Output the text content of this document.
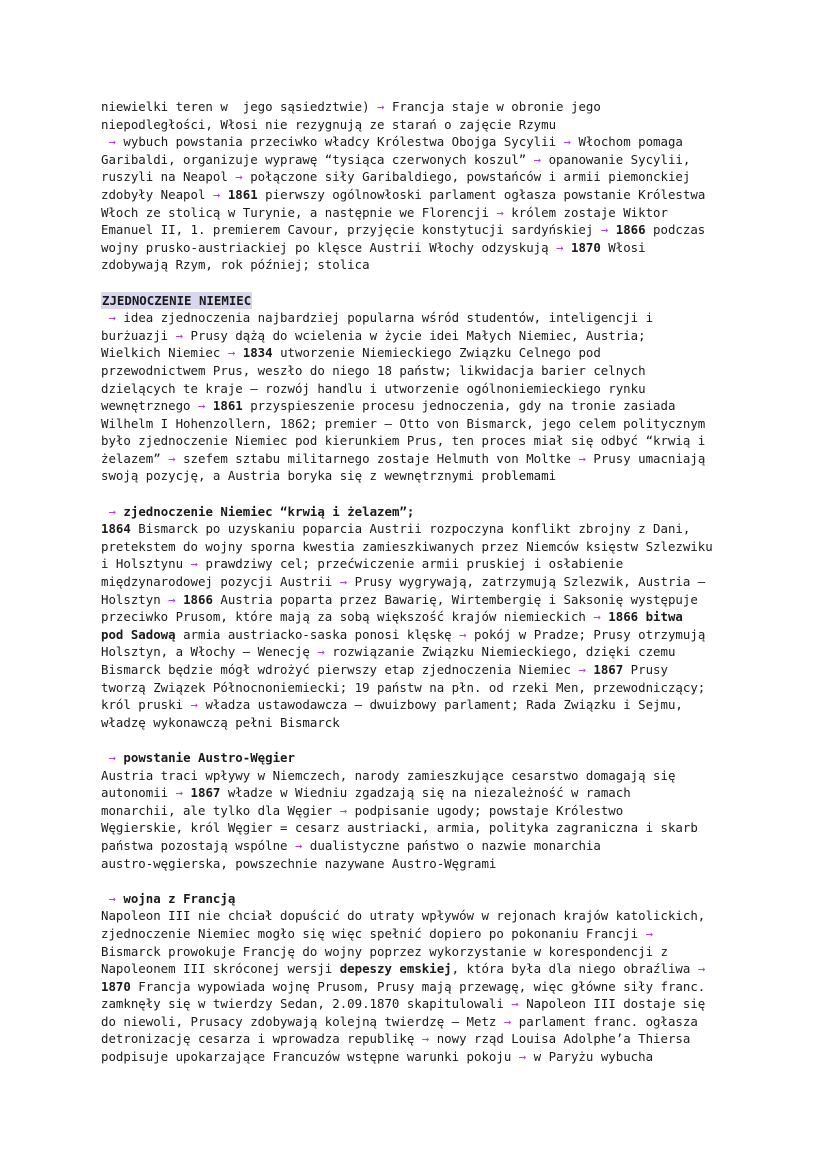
niewielki teren w  jego sąsiedztwie) → Francja staje w obronie jego
niepodległości, Włosi nie rezygnują ze starań o zajęcie Rzymu
→ wybuch powstania przeciwko władcy Królestwa Obojga Sycylii → Włochom pomaga
Garibaldi, organizuje wyprawę “tysiąca czerwonych koszul” → opanowanie Sycylii,
ruszyli na Neapol → połączone siły Garibaldiego, powstańców i armii piemonckiej
zdobyły Neapol → 1861 pierwszy ogólnowłoski parlament ogłasza powstanie Królestwa
Włoch ze stolicą w Turynie, a następnie we Florencji → królem zostaje Wiktor
Emanuel II, 1. premierem Cavour, przyjęcie konstytucji sardyńskiej → 1866 podczas
wojny prusko-austriackiej po klęsce Austrii Włochy odzyskują → 1870 Włosi
zdobywają Rzym, rok później; stolica
ZJEDNOCZENIE NIEMIEC
→ idea zjednoczenia najbardziej popularna wśród studentów, inteligencji i
burżuazji → Prusy dążą do wcielenia w życie idei Małych Niemiec, Austria;
Wielkich Niemiec → 1834 utworzenie Niemieckiego Związku Celnego pod
przewodnictwem Prus, weszło do niego 18 państw; likwidacja barier celnych
dzielących te kraje – rozwój handlu i utworzenie ogólnoniemieckiego rynku
wewnętrznego → 1861 przyspieszenie procesu jednoczenia, gdy na tronie zasiada
Wilhelm I Hohenzollern, 1862; premier – Otto von Bismarck, jego celem politycznym
było zjednoczenie Niemiec pod kierunkiem Prus, ten proces miał się odbyć “krwią i
żelazem” → szefem sztabu militarnego zostaje Helmuth von Moltke → Prusy umacniają
swoją pozycję, a Austria boryka się z wewnętrznymi problemami
→ zjednoczenie Niemiec “krwią i żelazem”;
1864 Bismarck po uzyskaniu poparcia Austrii rozpoczyna konflikt zbrojny z Dani,
pretekstem do wojny sporna kwestia zamieszkiwanych przez Niemców księstw Szlezwiku
i Holsztynu → prawdziwy cel; przećwiczenie armii pruskiej i osłabienie
międzynarodowej pozycji Austrii → Prusy wygrywają, zatrzymują Szlezwik, Austria –
Holsztyn → 1866 Austria poparta przez Bawarię, Wirtembergię i Saksonię występuje
przeciwko Prusom, które mają za sobą większość krajów niemieckich → 1866 bitwa
pod Sadową armia austriacko-saska ponosi klęskę → pokój w Pradze; Prusy otrzymują
Holsztyn, a Włochy – Wenecję → rozwiązanie Związku Niemieckiego, dzięki czemu
Bismarck będzie mógł wdrożyć pierwszy etap zjednoczenia Niemiec → 1867 Prusy
tworzą Związek Północnoniemiecki; 19 państw na płn. od rzeki Men, przewodniczący;
król pruski → władza ustawodawcza – dwuizbowy parlament; Rada Związku i Sejmu,
władzę wykonawczą pełni Bismarck
→ powstanie Austro-Węgier
Austria traci wpływy w Niemczech, narody zamieszkujące cesarstwo domagają się
autonomii → 1867 władze w Wiedniu zgadzają się na niezależność w ramach
monarchii, ale tylko dla Węgier → podpisanie ugody; powstaje Królestwo
Węgierskie, król Węgier = cesarz austriacki, armia, polityka zagraniczna i skarb
państwa pozostają wspólne → dualistyczne państwo o nazwie monarchia
austro-węgierska, powszechnie nazywane Austro-Węgrami
→ wojna z Francją
Napoleon III nie chciał dopuścić do utraty wpływów w rejonach krajów katolickich,
zjednoczenie Niemiec mogło się więc spełnić dopiero po pokonaniu Francji →
Bismarck prowokuje Francję do wojny poprzez wykorzystanie w korespondencji z
Napoleonem III skróconej wersji depeszy emskiej, która była dla niego obraźliwa →
1870 Francja wypowiada wojnę Prusom, Prusy mają przewagę, więc główne siły franc.
zamknęły się w twierdzy Sedan, 2.09.1870 skapitulowali → Napoleon III dostaje się
do niewoli, Prusacy zdobywają kolejną twierdzę – Metz → parlament franc. ogłasza
detronizację cesarza i wprowadza republikę → nowy rząd Louisa Adolphe’a Thiersa
podpisuje upokarzające Francuzów wstępne warunki pokoju → w Paryżu wybucha
